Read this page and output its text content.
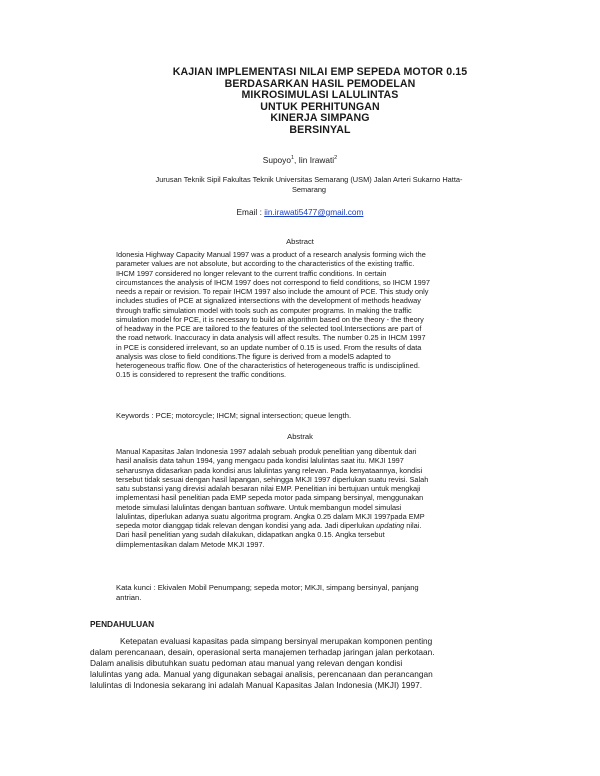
KAJIAN IMPLEMENTASI NILAI EMP SEPEDA MOTOR 0.15
BERDASARKAN HASIL PEMODELAN
MIKROSIMULASI LALULINTAS
UNTUK PERHITUNGAN
KINERJA SIMPANG
BERSINYAL
Supoyo$^1$, Iin Irawati$^2$
Jurusan Teknik Sipil Fakultas Teknik Universitas Semarang (USM) Jalan Arteri Sukarno Hatta-
Semarang
Email : iin.irawati5477@gmail.com
Abstract
Idonesia Highway Capacity Manual 1997 was a product of a research analysis forming wich the
parameter values are not absolute, but according to the characteristics of the existing traffic.
IHCM 1997 considered no longer relevant to the current traffic conditions. In certain
circumstances the analysis of IHCM 1997 does not correspond to field conditions, so IHCM 1997
needs a repair or revision. To repair IHCM 1997 also include the amount of PCE. This study only
includes studies of PCE at signalized intersections with the development of methods headway
through traffic simulation model with tools such as computer programs. In making the traffic
simulation model for PCE, it is necessary to build an algorithm based on the theory - the theory
of headway in the PCE are tailored to the features of the selected tool.Intersections are part of
the road network. Inaccuracy in data analysis will affect results. The number 0.25 in IHCM 1997
in PCE is considered irrelevant, so an update number of 0.15 is used. From the results of data
analysis was close to field conditions.The figure is derived from a modelS adapted to
heterogeneous traffic flow. One of the characteristics of heterogeneous traffic is undisciplined.
0.15 is considered to represent the traffic conditions.
Keywords : PCE; motorcycle; IHCM; signal intersection; queue length.
Abstrak
Manual Kapasitas Jalan Indonesia 1997 adalah sebuah produk penelitian yang dibentuk dari
hasil analisis data tahun 1994, yang mengacu pada kondisi lalulintas saat itu. MKJI 1997
seharusnya didasarkan pada kondisi arus lalulintas yang relevan. Pada kenyataannya, kondisi
tersebut tidak sesuai dengan hasil lapangan, sehingga MKJI 1997 diperlukan suatu revisi. Salah
satu substansi yang direvisi adalah besaran nilai EMP. Penelitian ini bertujuan untuk mengkaji
implementasi hasil penelitian pada EMP sepeda motor pada simpang bersinyal, menggunakan
metode simulasi lalulintas dengan bantuan software. Untuk membangun model simulasi
lalulintas, diperlukan adanya suatu algoritma program. Angka 0.25 dalam MKJI 1997pada EMP
sepeda motor dianggap tidak relevan dengan kondisi yang ada. Jadi diperlukan updating nilai.
Dari hasil penelitian yang sudah dilakukan, didapatkan angka 0.15. Angka tersebut
diimplementasikan dalam Metode MKJI 1997.
Kata kunci : Ekivalen Mobil Penumpang; sepeda motor; MKJI, simpang bersinyal, panjang
antrian.
PENDAHULUAN
Ketepatan evaluasi kapasitas pada simpang bersinyal merupakan komponen penting
dalam perencanaan, desain, operasional serta manajemen terhadap jaringan jalan perkotaan.
Dalam analisis dibutuhkan suatu pedoman atau manual yang relevan dengan kondisi
lalulintas yang ada. Manual yang digunakan sebagai analisis, perencanaan dan perancangan
lalulintas di Indonesia sekarang ini adalah Manual Kapasitas Jalan Indonesia (MKJI) 1997.
